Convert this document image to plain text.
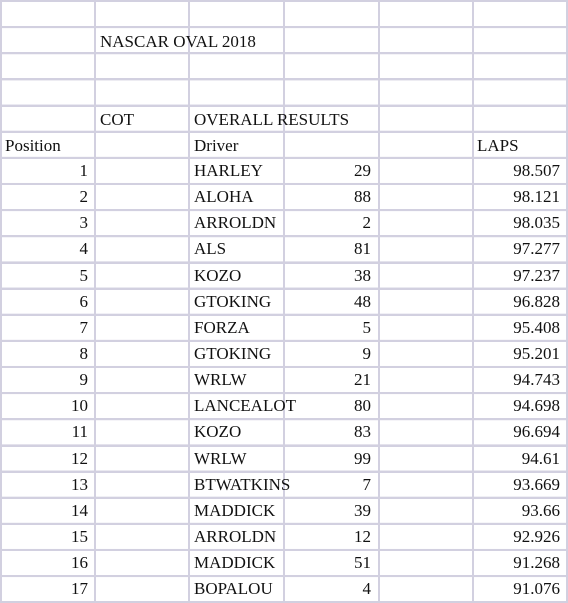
NASCAR OVAL 2018
COT	OVERALL RESULTS
Position	Driver	LAPS
1	HARLEY	29	98.507
2	ALOHA	88	98.121
3	ARROLDN	2	98.035
4	ALS	81	97.277
5	KOZO	38	97.237
6	GTOKING	48	96.828
7	FORZA	5	95.408
8	GTOKING	9	95.201
9	WRLW	21	94.743
10	LANCEALOT	80	94.698
11	KOZO	83	96.694
12	WRLW	99	94.61
13	BTWATKINS	7	93.669
14	MADDICK	39	93.66
15	ARROLDN	12	92.926
16	MADDICK	51	91.268
17	BOPALOU	4	91.076
